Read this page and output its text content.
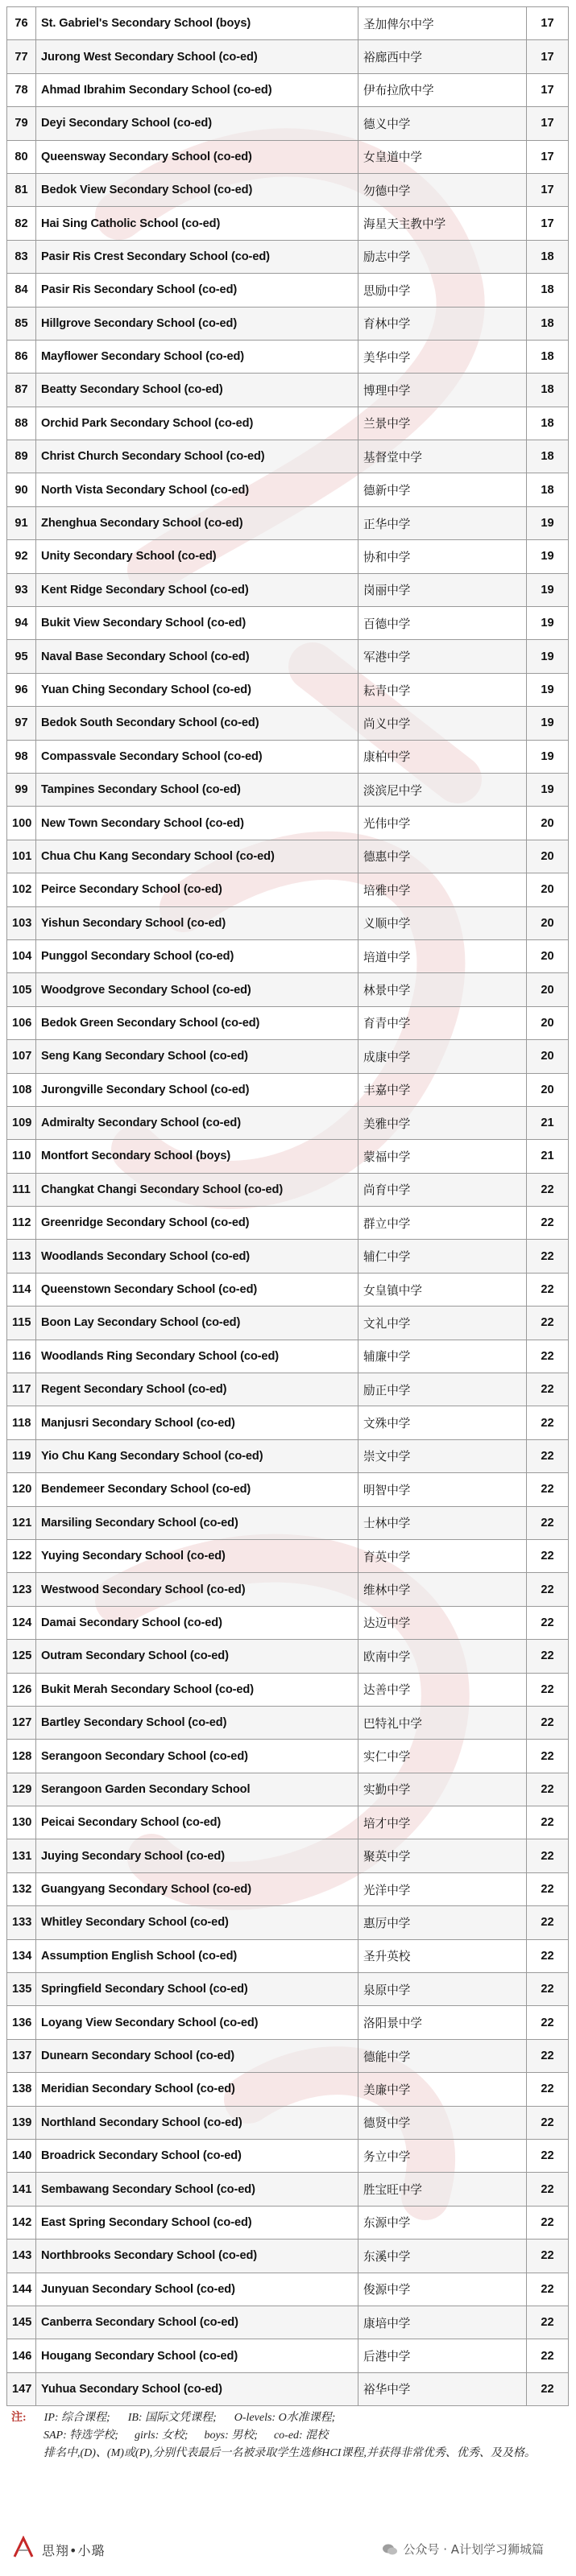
76	St. Gabriel's Secondary School (boys)	圣加俾尔中学	17
77	Jurong West Secondary School (co-ed)	裕廊西中学	17
78	Ahmad Ibrahim Secondary School (co-ed)	伊布拉欣中学	17
79	Deyi Secondary School (co-ed)	德义中学	17
80	Queensway Secondary School (co-ed)	女皇道中学	17
81	Bedok View Secondary School (co-ed)	勿德中学	17
82	Hai Sing Catholic School (co-ed)	海星天主教中学	17
83	Pasir Ris Crest Secondary School (co-ed)	励志中学	18
84	Pasir Ris Secondary School (co-ed)	思励中学	18
85	Hillgrove Secondary School (co-ed)	育林中学	18
86	Mayflower Secondary School (co-ed)	美华中学	18
87	Beatty Secondary School (co-ed)	博理中学	18
88	Orchid Park Secondary School (co-ed)	兰景中学	18
89	Christ Church Secondary School (co-ed)	基督堂中学	18
90	North Vista Secondary School (co-ed)	德新中学	18
91	Zhenghua Secondary School (co-ed)	正华中学	19
92	Unity Secondary School (co-ed)	协和中学	19
93	Kent Ridge Secondary School (co-ed)	岗丽中学	19
94	Bukit View Secondary School (co-ed)	百德中学	19
95	Naval Base Secondary School (co-ed)	军港中学	19
96	Yuan Ching Secondary School (co-ed)	耘青中学	19
97	Bedok South Secondary School (co-ed)	尚义中学	19
98	Compassvale Secondary School (co-ed)	康柏中学	19
99	Tampines Secondary School (co-ed)	淡滨尼中学	19
100	New Town Secondary School (co-ed)	光伟中学	20
101	Chua Chu Kang Secondary School (co-ed)	德惠中学	20
102	Peirce Secondary School (co-ed)	培雅中学	20
103	Yishun Secondary School (co-ed)	义顺中学	20
104	Punggol Secondary School (co-ed)	培道中学	20
105	Woodgrove Secondary School (co-ed)	林景中学	20
106	Bedok Green Secondary School (co-ed)	育青中学	20
107	Seng Kang Secondary School (co-ed)	成康中学	20
108	Jurongville Secondary School (co-ed)	丰嘉中学	20
109	Admiralty Secondary School (co-ed)	美雅中学	21
110	Montfort Secondary School (boys)	蒙福中学	21
111	Changkat Changi Secondary School (co-ed)	尚育中学	22
112	Greenridge Secondary School (co-ed)	群立中学	22
113	Woodlands Secondary School (co-ed)	辅仁中学	22
114	Queenstown Secondary School (co-ed)	女皇镇中学	22
115	Boon Lay Secondary School (co-ed)	文礼中学	22
116	Woodlands Ring Secondary School (co-ed)	辅廉中学	22
117	Regent Secondary School (co-ed)	励正中学	22
118	Manjusri Secondary School (co-ed)	文殊中学	22
119	Yio Chu Kang Secondary School (co-ed)	崇文中学	22
120	Bendemeer Secondary School (co-ed)	明智中学	22
121	Marsiling Secondary School (co-ed)	士林中学	22
122	Yuying Secondary School (co-ed)	育英中学	22
123	Westwood Secondary School (co-ed)	维林中学	22
124	Damai Secondary School (co-ed)	达迈中学	22
125	Outram Secondary School (co-ed)	欧南中学	22
126	Bukit Merah Secondary School (co-ed)	达善中学	22
127	Bartley Secondary School (co-ed)	巴特礼中学	22
128	Serangoon Secondary School (co-ed)	实仁中学	22
129	Serangoon Garden Secondary School	实勤中学	22
130	Peicai Secondary School (co-ed)	培才中学	22
131	Juying Secondary School (co-ed)	聚英中学	22
132	Guangyang Secondary School (co-ed)	光洋中学	22
133	Whitley Secondary School (co-ed)	惠厉中学	22
134	Assumption English School (co-ed)	圣升英校	22
135	Springfield Secondary School (co-ed)	泉原中学	22
136	Loyang View Secondary School (co-ed)	洛阳景中学	22
137	Dunearn Secondary School (co-ed)	德能中学	22
138	Meridian Secondary School (co-ed)	美廉中学	22
139	Northland Secondary School (co-ed)	德贤中学	22
140	Broadrick Secondary School (co-ed)	务立中学	22
141	Sembawang Secondary School (co-ed)	胜宝旺中学	22
142	East Spring Secondary School (co-ed)	东源中学	22
143	Northbrooks Secondary School (co-ed)	东溪中学	22
144	Junyuan Secondary School (co-ed)	俊源中学	22
145	Canberra Secondary School (co-ed)	康培中学	22
146	Hougang Secondary School (co-ed)	后港中学	22
147	Yuhua Secondary School (co-ed)	裕华中学	22
注: IP: 综合课程; IB: 国际文凭课程; O-levels: O水准课程;
SAP: 特选学校; girls: 女校; boys: 男校; co-ed: 混校
排名中,(D)、(M)或(P),分别代表最后一名被录取学生选修HCI课程,并获得非常优秀、优秀、及及格。
思翔•小璐	公众号 · A计划学习狮城篇
